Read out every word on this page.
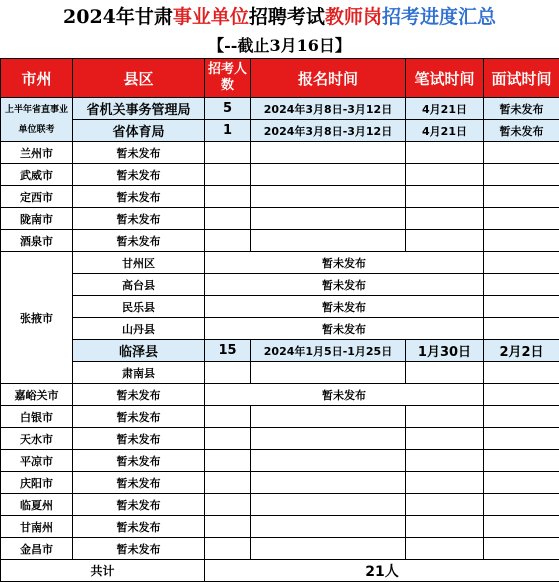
2024年甘肃事业单位招聘考试教师岗招考进度汇总
【--截止3月16日】
市州	县区	招考人数	报名时间	笔试时间	面试时间
上半年省直事业单位联考	省机关事务管理局	5	2024年3月8日-3月12日	4月21日	暂未发布
	省体育局	1	2024年3月8日-3月12日	4月21日	暂未发布
兰州市	暂未发布				
武威市	暂未发布				
定西市	暂未发布				
陇南市	暂未发布				
酒泉市	暂未发布				
张掖市	甘州区	暂未发布			
	高台县	暂未发布			
	民乐县	暂未发布			
	山丹县	暂未发布			
	临泽县	15	2024年1月5日-1月25日	1月30日	2月2日
	肃南县				
嘉峪关市	暂未发布	暂未发布			
白银市	暂未发布				
天水市	暂未发布				
平凉市	暂未发布				
庆阳市	暂未发布				
临夏州	暂未发布				
甘南州	暂未发布				
金昌市	暂未发布				
共计		21人			
